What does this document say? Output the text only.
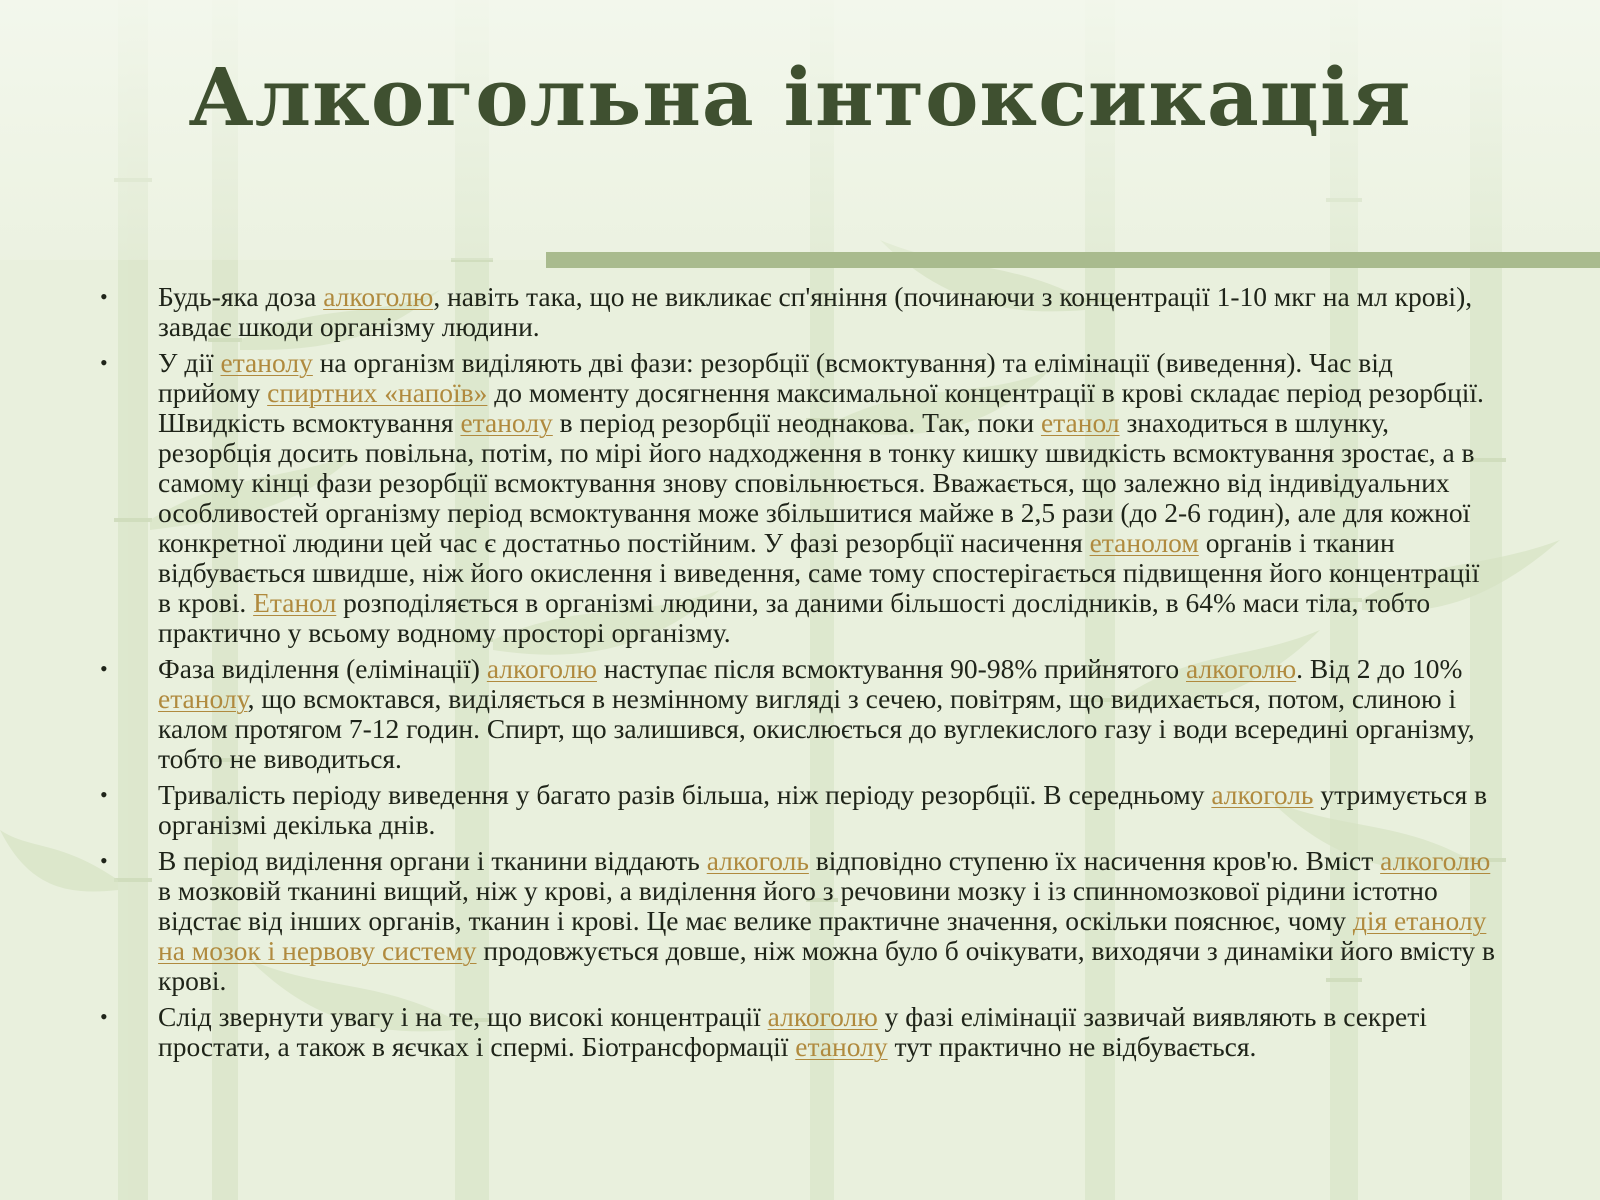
Алкогольна інтоксикація
• Будь-яка доза алкоголю, навіть така, що не викликає сп'яніння (починаючи з концентрації 1-10 мкг на мл крові), завдає шкоди організму людини.
• У дії етанолу на організм виділяють дві фази: резорбції (всмоктування) та елімінації (виведення). Час від прийому спиртних «напоїв» до моменту досягнення максимальної концентрації в крові складає період резорбції. Швидкість всмоктування етанолу в період резорбції неоднакова. Так, поки етанол знаходиться в шлунку, резорбція досить повільна, потім, по мірі його надходження в тонку кишку швидкість всмоктування зростає, а в самому кінці фази резорбції всмоктування знову сповільнюється. Вважається, що залежно від індивідуальних особливостей організму період всмоктування може збільшитися майже в 2,5 рази (до 2-6 годин), але для кожної конкретної людини цей час є достатньо постійним. У фазі резорбції насичення етанолом органів і тканин відбувається швидше, ніж його окислення і виведення, саме тому спостерігається підвищення його концентрації в крові. Етанол розподіляється в організмі людини, за даними більшості дослідників, в 64% маси тіла, тобто практично у всьому водному просторі організму.
• Фаза виділення (елімінації) алкоголю наступає після всмоктування 90-98% прийнятого алкоголю. Від 2 до 10% етанолу, що всмоктався, виділяється в незмінному вигляді з сечею, повітрям, що видихається, потом, слиною і калом протягом 7-12 годин. Спирт, що залишився, окислюється до вуглекислого газу і води всередині організму, тобто не виводиться.
• Тривалість періоду виведення у багато разів більша, ніж періоду резорбції. В середньому алкоголь утримується в організмі декілька днів.
• В період виділення органи і тканини віддають алкоголь відповідно ступеню їх насичення кров'ю. Вміст алкоголю в мозковій тканині вищий, ніж у крові, а виділення його з речовини мозку і із спинномозкової рідини істотно відстає від інших органів, тканин і крові. Це має велике практичне значення, оскільки пояснює, чому дія етанолу на мозок і нервову систему продовжується довше, ніж можна було б очікувати, виходячи з динаміки його вмісту в крові.
• Слід звернути увагу і на те, що високі концентрації алкоголю у фазі елімінації зазвичай виявляють в секреті простати, а також в яєчках і спермі. Біотрансформації етанолу тут практично не відбувається.
